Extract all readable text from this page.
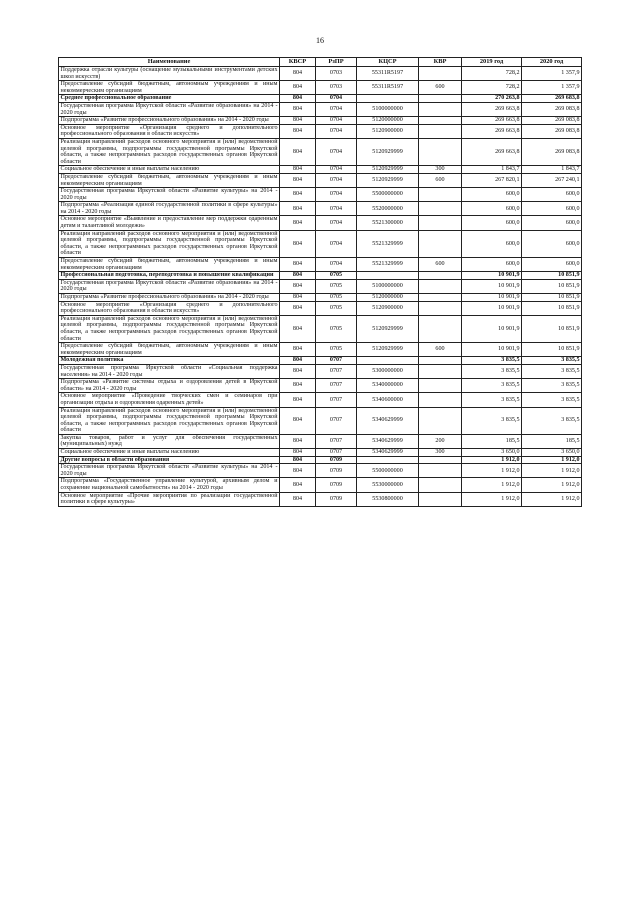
16
Наименование	КВСР	РзПР	КЦСР	КВР	2019 год	2020 год
Поддержка отрасли культуры (оснащение музыкальными инструментами детских школ искусств)	804	0703	55311R5197		728,2	1 357,9
Предоставление субсидий бюджетным, автономным учреждениям и иным некоммерческим организациям	804	0703	55311R5197	600	728,2	1 357,9
Среднее профессиональное образование	804	0704			270 263,8	269 683,8
Государственная программа Иркутской области «Развитие образования» на 2014 - 2020 годы	804	0704	5100000000		269 663,8	269 083,8
Подпрограмма «Развитие профессионального образования» на 2014 - 2020 годы	804	0704	5120000000		269 663,8	269 083,8
Основное мероприятие «Организация среднего и дополнительного профессионального образования в области искусств»	804	0704	5120900000		269 663,8	269 083,8
Реализация направлений расходов основного мероприятия и (или) ведомственной целевой программы, подпрограммы государственной программы Иркутской области, а также непрограммных расходов государственных органов Иркутской области	804	0704	5120929999		269 663,8	269 083,8
Социальное обеспечение и иные выплаты населению	804	0704	5120929999	300	1 843,7	1 843,7
Предоставление субсидий бюджетным, автономным учреждениям и иным некоммерческим организациям	804	0704	5120929999	600	267 820,1	267 240,1
Государственная программа Иркутской области «Развитие культуры» на 2014 - 2020 годы	804	0704	5500000000		600,0	600,0
Подпрограмма «Реализация единой государственной политики в сфере культуры» на 2014 - 2020 годы	804	0704	5520000000		600,0	600,0
Основное мероприятие «Выявление и предоставление мер поддержки одаренным детям и талантливой молодежи»	804	0704	5521300000		600,0	600,0
Реализация направлений расходов основного мероприятия и (или) ведомственной целевой программы, подпрограммы государственной программы Иркутской области, а также непрограммных расходов государственных органов Иркутской области	804	0704	5521329999		600,0	600,0
Предоставление субсидий бюджетным, автономным учреждениям и иным некоммерческим организациям	804	0704	5521329999	600	600,0	600,0
Профессиональная подготовка, переподготовка и повышение квалификации	804	0705			10 901,9	10 851,9
Государственная программа Иркутской области «Развитие образования» на 2014 - 2020 годы	804	0705	5100000000		10 901,9	10 851,9
Подпрограмма «Развитие профессионального образования» на 2014 - 2020 годы	804	0705	5120000000		10 901,9	10 851,9
Основное мероприятие «Организация среднего и дополнительного профессионального образования в области искусств»	804	0705	5120900000		10 901,9	10 851,9
Реализация направлений расходов основного мероприятия и (или) ведомственной целевой программы, подпрограммы государственной программы Иркутской области, а также непрограммных расходов государственных органов Иркутской области	804	0705	5120929999		10 901,9	10 851,9
Предоставление субсидий бюджетным, автономным учреждениям и иным некоммерческим организациям	804	0705	5120929999	600	10 901,9	10 851,9
Молодежная политика	804	0707			3 835,5	3 835,5
Государственная программа Иркутской области «Социальная поддержка населения» на 2014 - 2020 годы	804	0707	5300000000		3 835,5	3 835,5
Подпрограмма «Развитие системы отдыха и оздоровления детей в Иркутской области» на 2014 - 2020 годы	804	0707	5340000000		3 835,5	3 835,5
Основное мероприятие «Проведение творческих смен и семинаров при организации отдыха и оздоровления одаренных детей»	804	0707	5340600000		3 835,5	3 835,5
Реализация направлений расходов основного мероприятия и (или) ведомственной целевой программы, подпрограммы государственной программы Иркутской области, а также непрограммных расходов государственных органов Иркутской области	804	0707	5340629999		3 835,5	3 835,5
Закупка товаров, работ и услуг для обеспечения государственных (муниципальных) нужд	804	0707	5340629999	200	185,5	185,5
Социальное обеспечение и иные выплаты населению	804	0707	5340629999	300	3 650,0	3 650,0
Другие вопросы в области образования	804	0709			1 912,0	1 912,0
Государственная программа Иркутской области «Развитие культуры» на 2014 - 2020 годы	804	0709	5500000000		1 912,0	1 912,0
Подпрограмма «Государственное управление культурой, архивным делом и сохранение национальной самобытности» на 2014 - 2020 годы	804	0709	5530000000		1 912,0	1 912,0
Основное мероприятие «Прочие мероприятия по реализации государственной политики в сфере культуры»	804	0709	5530800000		1 912,0	1 912,0
